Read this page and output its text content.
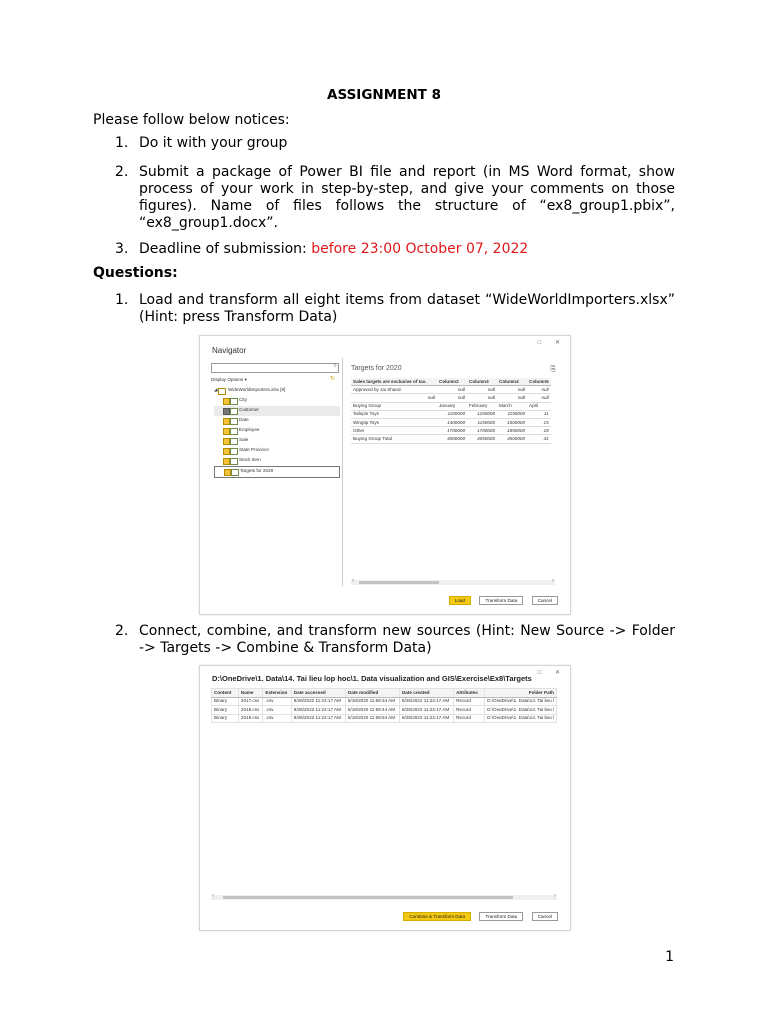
ASSIGNMENT 8
Please follow below notices:
1. Do it with your group
2. Submit a package of Power BI file and report (in MS Word format, show process of your work in step-by-step, and give your comments on those figures). Name of files follows the structure of “ex8_group1.pbix”, “ex8_group1.docx”.
3. Deadline of submission: before 23:00 October 07, 2022
Questions:
1. Load and transform all eight items from dataset “WideWorldImporters.xlsx” (Hint: press Transform Data)
□ ✕
Navigator
⌕
Display Options ▾	↻
◢ WideWorldImporters.xlsx [8]
City
Customer
Date
Employee
Sale
State Province
Stock Item
Targets for 2020
Targets for 2020	⎘
Sales targets are exclusive of tax.	Column2	Column3	Column4	Column5
Approved by Jai Shand.	null	null	null	null
null	null	null	null	null
Buying Group	January	February	March	April
Tailspin Toys	1100000	1200000	1150000	11
Wingtip Toys	1400000	1150000	1500000	15
Other	1700000	1700000	1850000	18
Buying Group Total	4000000	4050000	4500000	41
‹	›
Load	Transform Data	Cancel
2. Connect, combine, and transform new sources (Hint: New Source -> Folder -> Targets -> Combine & Transform Data)
□ ✕
D:\OneDrive\1. Data\14. Tai lieu lop hoc\1. Data visualization and GIS\Exercise\Ex8\Targets
Content	Name	Extension	Date accessed	Date modified	Date created	Attributes	Folder Path
Binary	2017.csv	.csv	8/26/2022 11:24:17 AM	5/18/2020 11:59:34 AM	8/26/2022 11:24:17 AM	Record	D:\OneDrive\1. Data\14. Tai lieu l
Binary	2018.csv	.csv	8/26/2022 11:24:17 AM	5/18/2020 11:59:44 AM	8/26/2022 11:24:17 AM	Record	D:\OneDrive\1. Data\14. Tai lieu l
Binary	2019.csv	.csv	8/26/2022 11:24:17 AM	5/18/2020 11:59:54 AM	8/26/2022 11:24:17 AM	Record	D:\OneDrive\1. Data\14. Tai lieu l
‹	›
Combine & Transform Data	Transform Data	Cancel
1
